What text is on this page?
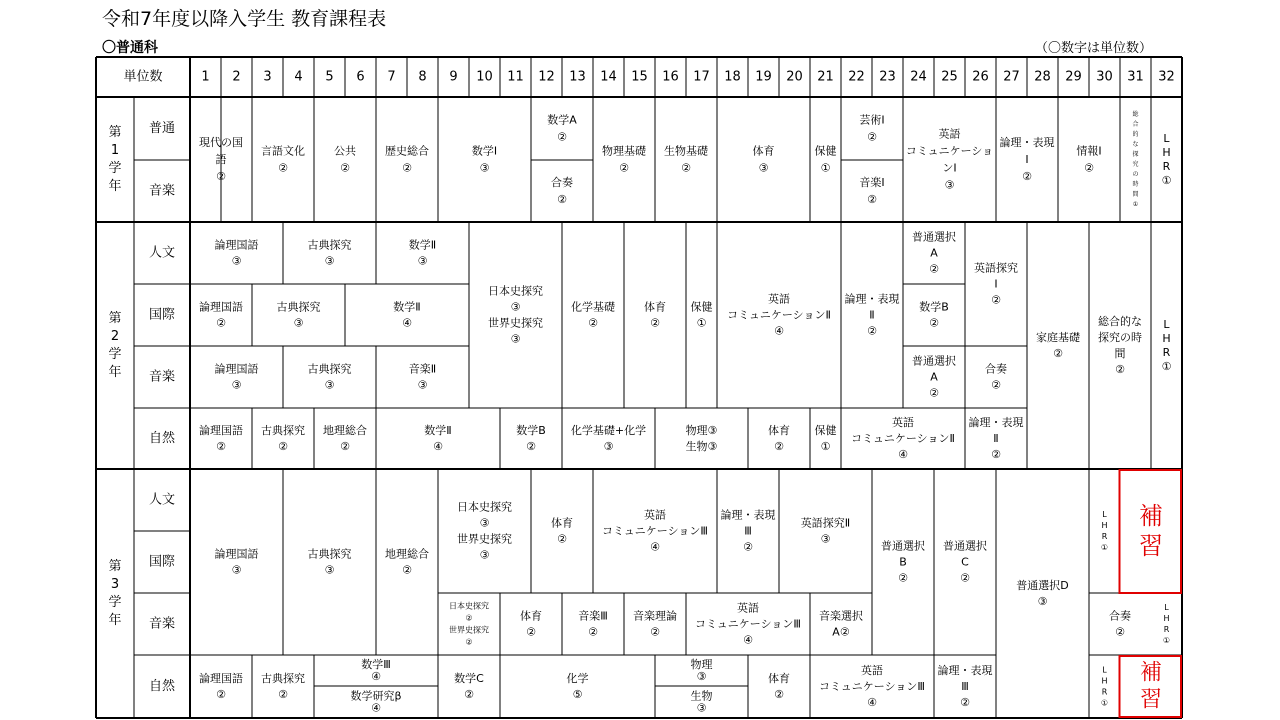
令和7年度以降入学生 教育課程表
〇普通科	（〇数字は単位数）
単位数	1 2 3 4 5 6 7 8 9 10 11 12 13 14 15 16 17 18 19 20 21 22 23 24 25 26 27 28 29 30 31 32
第
1
学
年
普通
音楽
第
2
学
年
人文
国際
音楽
自然
第
3
学
年
人文
国際
音楽
自然
現代の国
語
②
言語文化
②
公共
②
歴史総合
②
数学Ⅰ
③
数学A
②
合奏
②
物理基礎
②
生物基礎
②
体育
③
保健
①
芸術Ⅰ
②
音楽Ⅰ
②
英語
コミュニケーショ
ンⅠ
③
論理・表現
Ⅰ
②
情報Ⅰ
②
総
合
的
な
探
究
の
時
間
①
L
H
R
①
論理国語
③
古典探究
③
数学Ⅱ
③
論理国語
②
古典探究
③
数学Ⅱ
④
論理国語
③
古典探究
③
音楽Ⅱ
③
論理国語
②
古典探究
②
地理総合
②
数学Ⅱ
④
数学B
②
日本史探究
③
世界史探究
③
化学基礎
②
体育
②
保健
①
英語
コミュニケーションⅡ
④
化学基礎+化学
③
物理③
生物③
体育
②
保健
①
英語
コミュニケーションⅡ
④
論理・表現
Ⅱ
②
普通選択
A
②
数学B
②
普通選択
A
②
英語探究
Ⅰ
②
合奏
②
論理・表現
Ⅱ
②
家庭基礎
②
総合的な
探究の時
間
②
L
H
R
①
論理国語
③
古典探究
③
地理総合
②
日本史探究
③
世界史探究
③
体育
②
英語
コミュニケーションⅢ
④
論理・表現
Ⅲ
②
英語探究Ⅱ
③
普通選択
B
②
普通選択
C
②
普通選択D
③
L
H
R
①
補
習
日本史探究
②
世界史探究
②
体育
②
音楽Ⅲ
②
音楽理論
②
英語
コミュニケーションⅢ
④
音楽選択
A②
合奏
②
L
H
R
①
論理国語
②
古典探究
②
数学Ⅲ
④
数学研究β
④
数学C
②
化学
⑤
物理
③
生物
③
体育
②
英語
コミュニケーションⅢ
④
論理・表現
Ⅲ
②
L
H
R
①
補
習
